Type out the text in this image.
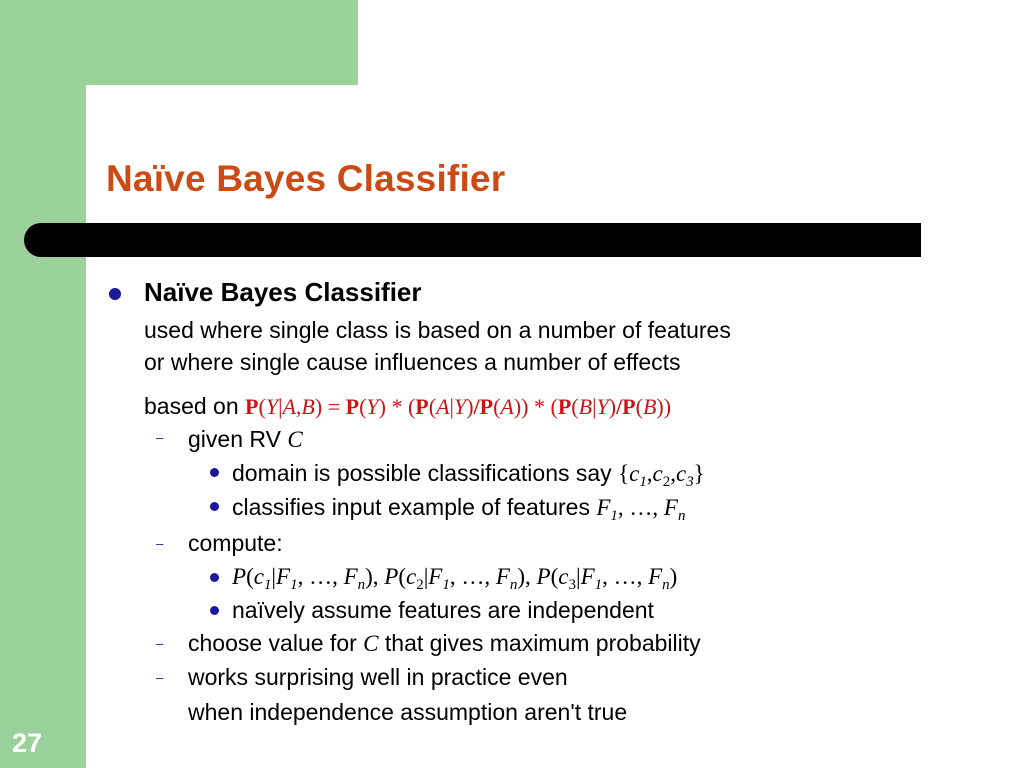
Naïve Bayes Classifier
27
Naïve Bayes Classifier
used where single class is based on a number of features
or where single cause influences a number of effects
based on P(Y|A,B) = P(Y) * (P(A|Y)/P(A)) * (P(B|Y)/P(B))
– given RV C
domain is possible classifications say $\{c_1,c_2,c_3\}$
classifies input example of features $F_1$, …, $F_n$
– compute:
$P(c_1|F_1$, …, $F_n$), $P(c_2|F_1$, …, $F_n$), $P(c_3|F_1$, …, $F_n$)
naïvely assume features are independent
– choose value for C that gives maximum probability
– works surprising well in practice even
when independence assumption aren't true
